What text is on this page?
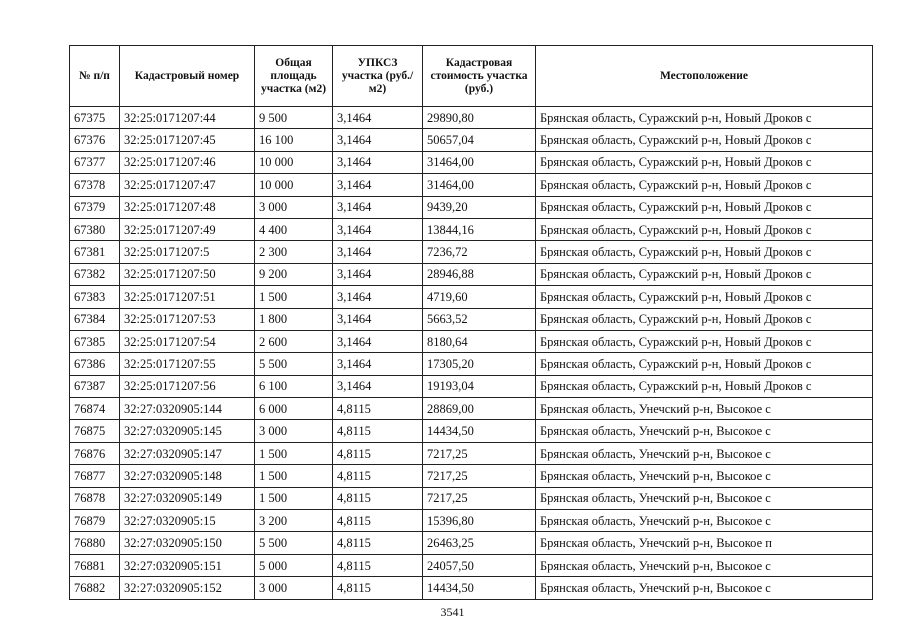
№ п/п	Кадастровый номер	Общая площадь участка (м2)	УПКСЗ участка (руб./м2)	Кадастровая стоимость участка (руб.)	Местоположение
67375	32:25:0171207:44	9 500	3,1464	29890,80	Брянская область, Суражский р-н, Новый Дроков с
67376	32:25:0171207:45	16 100	3,1464	50657,04	Брянская область, Суражский р-н, Новый Дроков с
67377	32:25:0171207:46	10 000	3,1464	31464,00	Брянская область, Суражский р-н, Новый Дроков с
67378	32:25:0171207:47	10 000	3,1464	31464,00	Брянская область, Суражский р-н, Новый Дроков с
67379	32:25:0171207:48	3 000	3,1464	9439,20	Брянская область, Суражский р-н, Новый Дроков с
67380	32:25:0171207:49	4 400	3,1464	13844,16	Брянская область, Суражский р-н, Новый Дроков с
67381	32:25:0171207:5	2 300	3,1464	7236,72	Брянская область, Суражский р-н, Новый Дроков с
67382	32:25:0171207:50	9 200	3,1464	28946,88	Брянская область, Суражский р-н, Новый Дроков с
67383	32:25:0171207:51	1 500	3,1464	4719,60	Брянская область, Суражский р-н, Новый Дроков с
67384	32:25:0171207:53	1 800	3,1464	5663,52	Брянская область, Суражский р-н, Новый Дроков с
67385	32:25:0171207:54	2 600	3,1464	8180,64	Брянская область, Суражский р-н, Новый Дроков с
67386	32:25:0171207:55	5 500	3,1464	17305,20	Брянская область, Суражский р-н, Новый Дроков с
67387	32:25:0171207:56	6 100	3,1464	19193,04	Брянская область, Суражский р-н, Новый Дроков с
76874	32:27:0320905:144	6 000	4,8115	28869,00	Брянская область, Унечский р-н, Высокое с
76875	32:27:0320905:145	3 000	4,8115	14434,50	Брянская область, Унечский р-н, Высокое с
76876	32:27:0320905:147	1 500	4,8115	7217,25	Брянская область, Унечский р-н, Высокое с
76877	32:27:0320905:148	1 500	4,8115	7217,25	Брянская область, Унечский р-н, Высокое с
76878	32:27:0320905:149	1 500	4,8115	7217,25	Брянская область, Унечский р-н, Высокое с
76879	32:27:0320905:15	3 200	4,8115	15396,80	Брянская область, Унечский р-н, Высокое с
76880	32:27:0320905:150	5 500	4,8115	26463,25	Брянская область, Унечский р-н, Высокое п
76881	32:27:0320905:151	5 000	4,8115	24057,50	Брянская область, Унечский р-н, Высокое с
76882	32:27:0320905:152	3 000	4,8115	14434,50	Брянская область, Унечский р-н, Высокое с
3541
